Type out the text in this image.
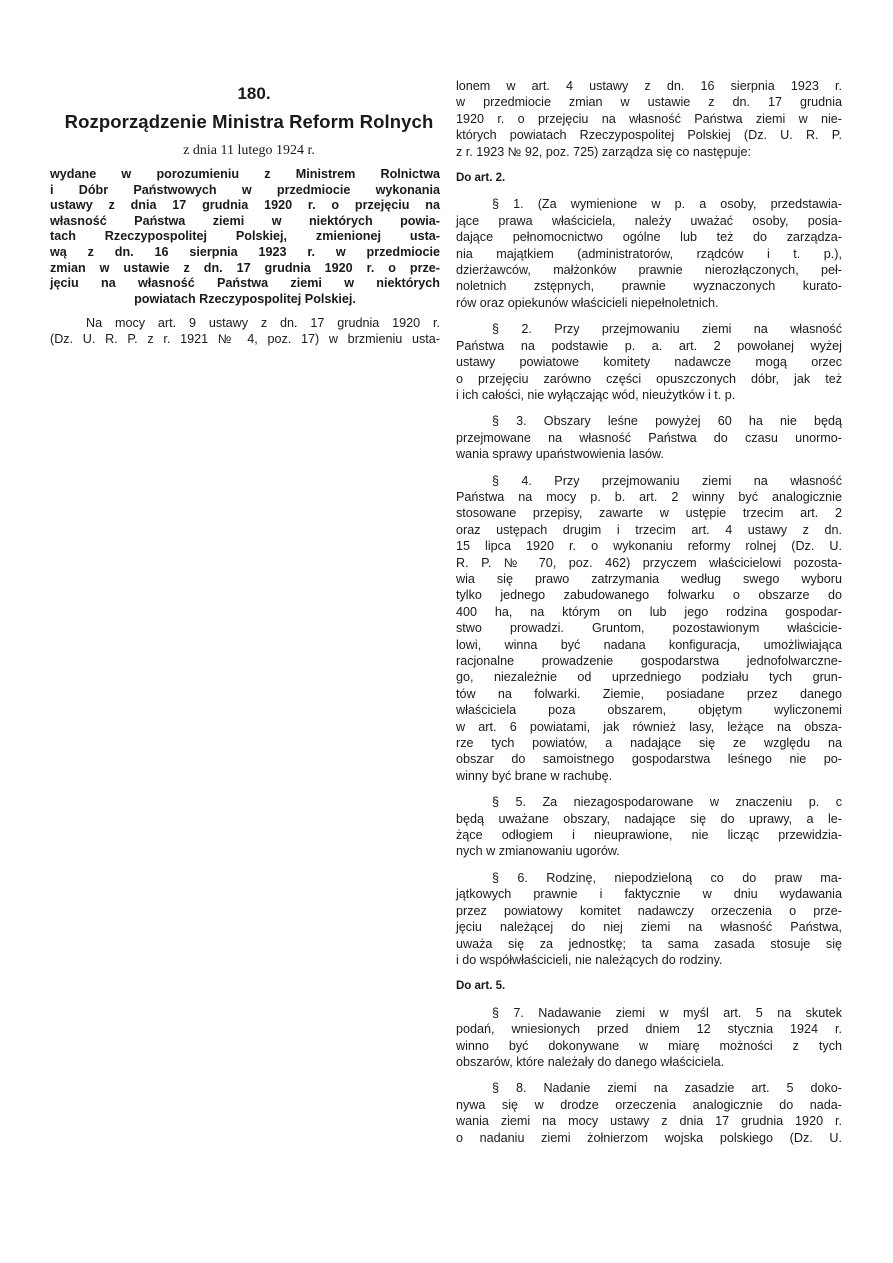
180.
Rozporządzenie Ministra Reform Rolnych
z dnia 11 lutego 1924 r.
wydane w porozumieniu z Ministrem Rolnictwa
i Dóbr Państwowych w przedmiocie wykonania
ustawy z dnia 17 grudnia 1920 r. o przejęciu na
własność Państwa ziemi w niektórych powia-
tach Rzeczypospolitej Polskiej, zmienionej usta-
wą z dn. 16 sierpnia 1923 r. w przedmiocie
zmian w ustawie z dn. 17 grudnia 1920 r. o prze-
jęciu na własność Państwa ziemi w niektórych
powiatach Rzeczypospolitej Polskiej.
Na mocy art. 9 ustawy z dn. 17 grudnia 1920 r.
(Dz. U. R. P. z r. 1921 № 4, poz. 17) w brzmieniu usta-

lonem w art. 4 ustawy z dn. 16 sierpnia 1923 r.
w przedmiocie zmian w ustawie z dn. 17 grudnia
1920 r. o przejęciu na własność Państwa ziemi w nie-
których powiatach Rzeczypospolitej Polskiej (Dz. U. R. P.
z r. 1923 № 92, poz. 725) zarządza się co następuje:

Do art. 2.

§ 1. (Za wymienione w p. a osoby, przedstawia-
jące prawa właściciela, należy uważać osoby, posia-
dające pełnomocnictwo ogólne lub też do zarządza-
nia majątkiem (administratorów, rządców i t. p.),
dzierżawców, małżonków prawnie nierozłączonych, peł-
noletnich zstępnych, prawnie wyznaczonych kurato-
rów oraz opiekunów właścicieli niepełnoletnich.

§ 2. Przy przejmowaniu ziemi na własność
Państwa na podstawie p. a. art. 2 powołanej wyżej
ustawy powiatowe komitety nadawcze mogą orzec
o przejęciu zarówno części opuszczonych dóbr, jak też
i ich całości, nie wyłączając wód, nieużytków i t. p.

§ 3. Obszary leśne powyżej 60 ha nie będą
przejmowane na własność Państwa do czasu unormo-
wania sprawy upaństwowienia lasów.

§ 4. Przy przejmowaniu ziemi na własność
Państwa na mocy p. b. art. 2 winny być analogicznie
stosowane przepisy, zawarte w ustępie trzecim art. 2
oraz ustępach drugim i trzecim art. 4 ustawy z dn.
15 lipca 1920 r. o wykonaniu reformy rolnej (Dz. U.
R. P. № 70, poz. 462) przyczem właścicielowi pozosta-
wia się prawo zatrzymania według swego wyboru
tylko jednego zabudowanego folwarku o obszarze do
400 ha, na którym on lub jego rodzina gospodar-
stwo prowadzi. Gruntom, pozostawionym właścicie-
lowi, winna być nadana konfiguracja, umożliwiająca
racjonalne prowadzenie gospodarstwa jednofolwarczne-
go, niezależnie od uprzedniego podziału tych grun-
tów na folwarki. Ziemie, posiadane przez danego
właściciela poza obszarem, objętym wyliczonemi
w art. 6 powiatami, jak również lasy, leżące na obsza-
rze tych powiatów, a nadające się ze względu na
obszar do samoistnego gospodarstwa leśnego nie po-
winny być brane w rachubę.

§ 5. Za niezagospodarowane w znaczeniu p. c
będą uważane obszary, nadające się do uprawy, a le-
żące odłogiem i nieuprawione, nie licząc przewidzia-
nych w zmianowaniu ugorów.

§ 6. Rodzinę, niepodzieloną co do praw ma-
jątkowych prawnie i faktycznie w dniu wydawania
przez powiatowy komitet nadawczy orzeczenia o prze-
jęciu należącej do niej ziemi na własność Państwa,
uważa się za jednostkę; ta sama zasada stosuje się
i do współwłaścicieli, nie należących do rodziny.

Do art. 5.

§ 7. Nadawanie ziemi w myśl art. 5 na skutek
podań, wniesionych przed dniem 12 stycznia 1924 r.
winno być dokonywane w miarę możności z tych
obszarów, które należały do danego właściciela.

§ 8. Nadanie ziemi na zasadzie art. 5 doko-
nywa się w drodze orzeczenia analogicznie do nada-
wania ziemi na mocy ustawy z dnia 17 grudnia 1920 r.
o nadaniu ziemi żołnierzom wojska polskiego (Dz. U.
